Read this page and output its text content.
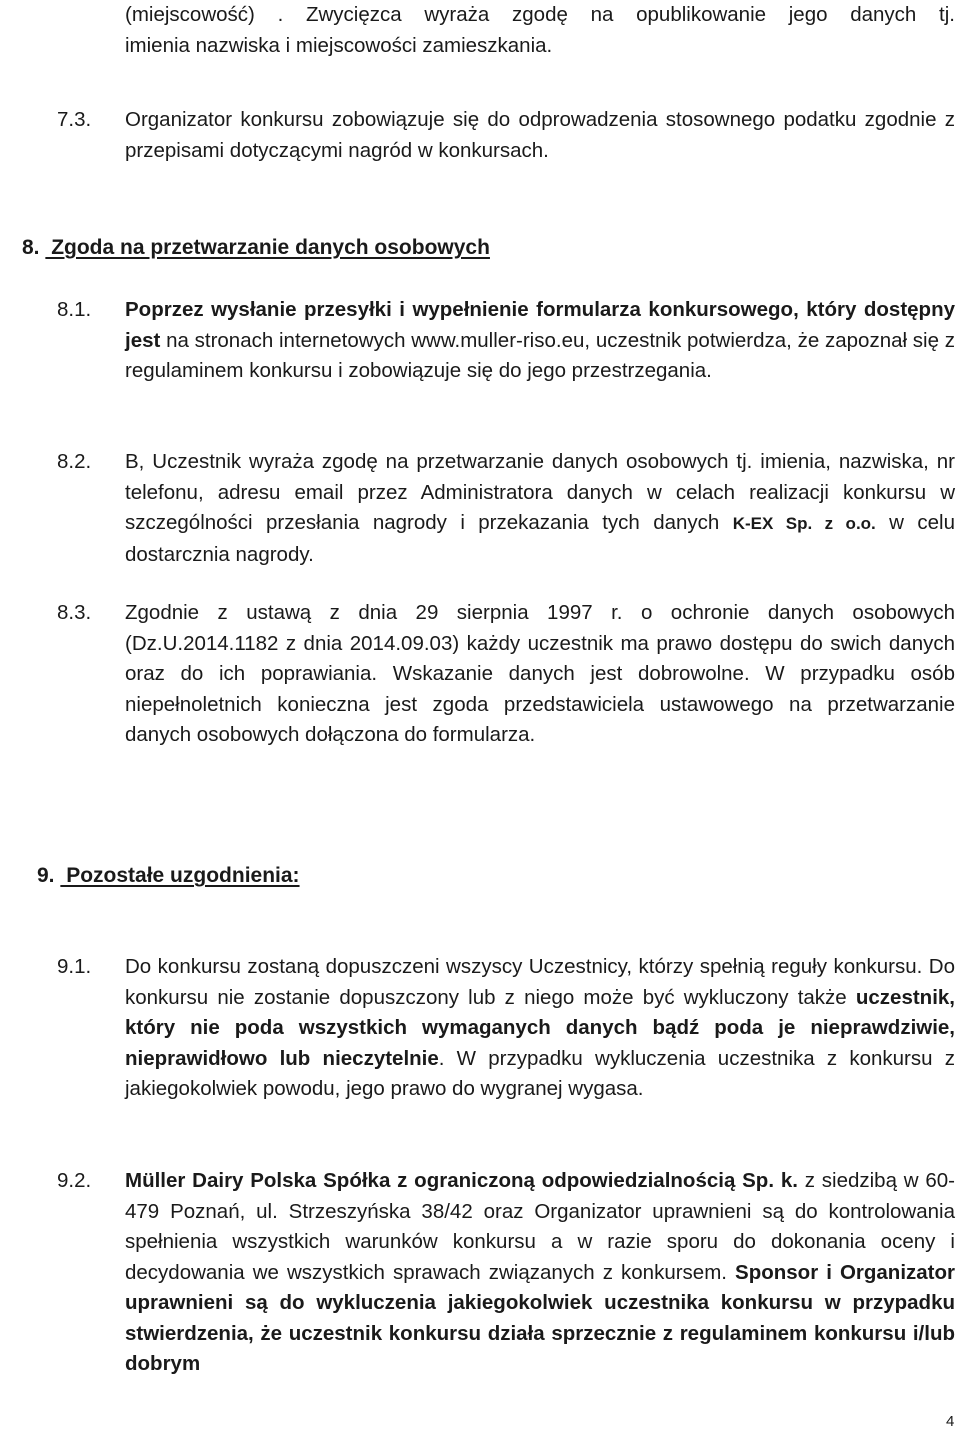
(miejscowość) . Zwycięzca wyraża zgodę na opublikowanie jego danych tj.
imienia nazwiska i miejscowości zamieszkania.
7.3. Organizator konkursu zobowiązuje się do odprowadzenia stosownego podatku zgodnie z przepisami dotyczącymi nagród w konkursach.
8.  Zgoda na przetwarzanie danych osobowych
8.1. Poprzez wysłanie przesyłki i wypełnienie formularza konkursowego, który dostępny jest na stronach internetowych www.muller-riso.eu, uczestnik potwierdza, że zapoznał się z regulaminem konkursu i zobowiązuje się do jego przestrzegania.
8.2. B, Uczestnik wyraża zgodę na przetwarzanie danych osobowych tj. imienia, nazwiska, nr telefonu, adresu email przez Administratora danych w celach realizacji konkursu w szczególności przesłania nagrody i przekazania tych danych K-EX Sp. z o.o. w celu dostarcznia nagrody.
8.3. Zgodnie z ustawą z dnia 29 sierpnia 1997 r. o ochronie danych osobowych (Dz.U.2014.1182 z dnia 2014.09.03) każdy uczestnik ma prawo dostępu do swich danych oraz do ich poprawiania. Wskazanie danych jest dobrowolne. W przypadku osób niepełnoletnich konieczna jest zgoda przedstawiciela ustawowego na przetwarzanie danych osobowych dołączona do formularza.
9.  Pozostałe uzgodnienia:
9.1. Do konkursu zostaną dopuszczeni wszyscy Uczestnicy, którzy spełnią reguły konkursu. Do konkursu nie zostanie dopuszczony lub z niego może być wykluczony także uczestnik, który nie poda wszystkich wymaganych danych bądź poda je nieprawdziwie, nieprawidłowo lub nieczytelnie. W przypadku wykluczenia uczestnika z konkursu z jakiegokolwiek powodu, jego prawo do wygranej wygasa.
9.2. Müller Dairy Polska Spółka z ograniczoną odpowiedzialnością Sp. k. z siedzibą w 60-479 Poznań, ul. Strzeszyńska 38/42 oraz Organizator uprawnieni są do kontrolowania spełnienia wszystkich warunków konkursu a w razie sporu do dokonania oceny i decydowania we wszystkich sprawach związanych z konkursem. Sponsor i Organizator uprawnieni są do wykluczenia jakiegokolwiek uczestnika konkursu w przypadku stwierdzenia, że uczestnik konkursu działa sprzecznie z regulaminem konkursu i/lub dobrym
4
